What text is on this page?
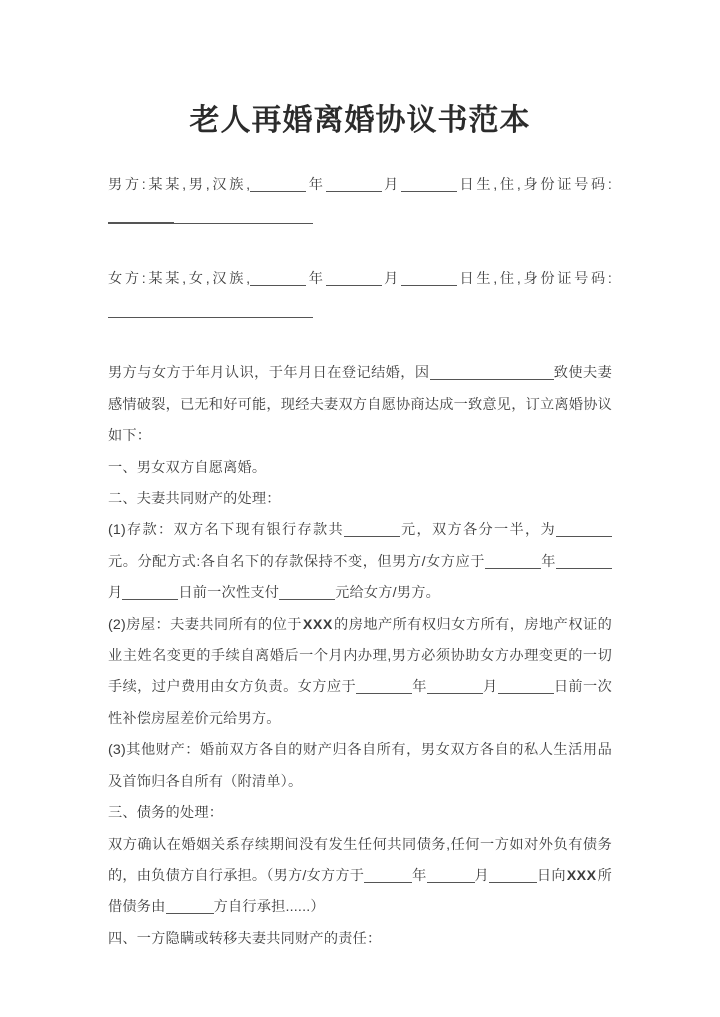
老人再婚离婚协议书范本

男方:某某,男,汉族,	年	月	日生,住,身份证号码:

女方:某某,女,汉族,	年	月	日生,住,身份证号码:

男方与女方于年月认识，于年月日在登记结婚，因	致使夫妻感情破裂，已无和好可能，现经夫妻双方自愿协商达成一致意见，订立离婚协议如下：

一、男女双方自愿离婚。

二、夫妻共同财产的处理：

(1)存款：双方名下现有银行存款共	元，双方各分一半，为元。分配方式:各自名下的存款保持不变，但男方/女方应于	年月	日前一次性支付	元给女方/男方。

(2)房屋：夫妻共同所有的位于XXX的房地产所有权归女方所有，房地产权证的业主姓名变更的手续自离婚后一个月内办理,男方必须协助女方办理变更的一切手续，过户费用由女方负责。女方应于	年	月	日前一次性补偿房屋差价元给男方。

(3)其他财产：婚前双方各自的财产归各自所有，男女双方各自的私人生活用品及首饰归各自所有（附清单）。

三、债务的处理：

双方确认在婚姻关系存续期间没有发生任何共同债务,任何一方如对外负有债务的，由负债方自行承担。（男方/女方方于	年	月	日向XXX所借债务由	方自行承担......）

四、一方隐瞒或转移夫妻共同财产的责任：
